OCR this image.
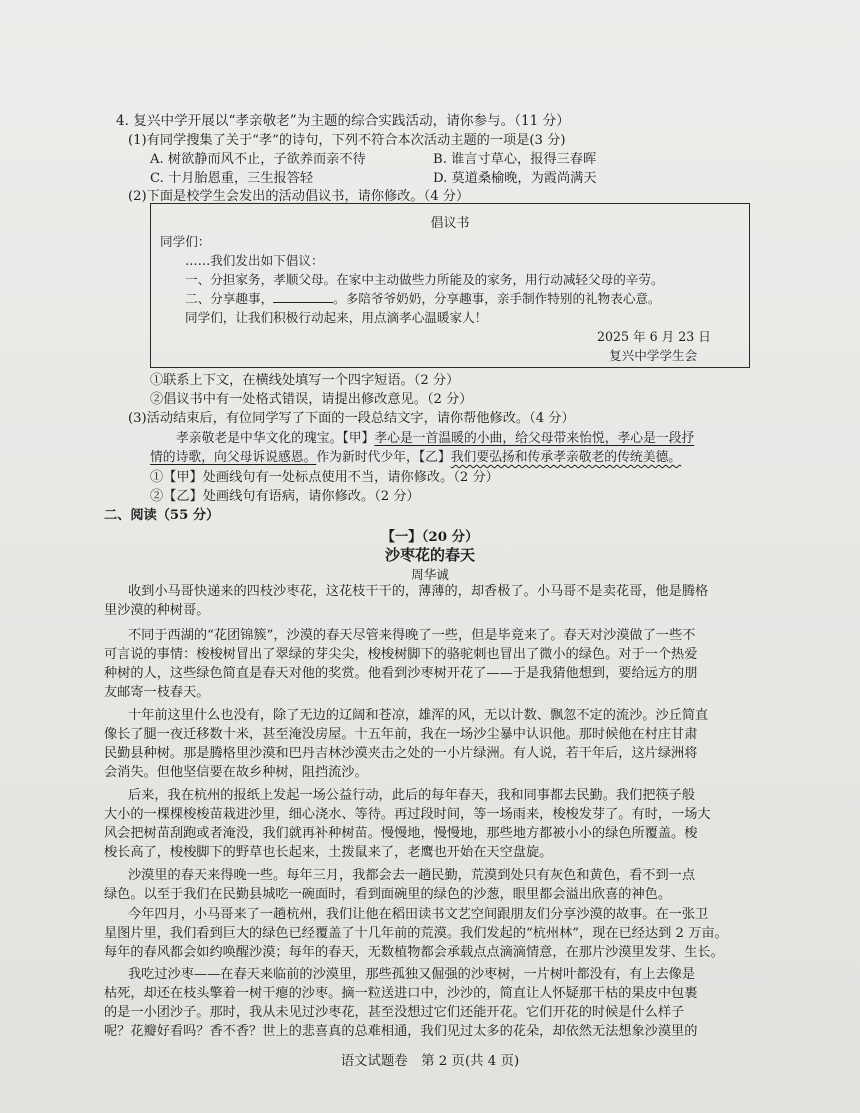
4. 复兴中学开展以“孝亲敬老”为主题的综合实践活动，请你参与。（11 分）
(1)有同学搜集了关于“孝”的诗句，下列不符合本次活动主题的一项是(3 分)
A. 树欲静而风不止，子欲养而亲不待	B. 谁言寸草心，报得三春晖
C. 十月胎恩重，三生报答轻	D. 莫道桑榆晚，为霞尚满天
(2)下面是校学生会发出的活动倡议书，请你修改。（4 分）
倡议书
同学们：
……我们发出如下倡议：
一、分担家务，孝顺父母。在家中主动做些力所能及的家务，用行动减轻父母的辛劳。
二、分享趣事，	。多陪爷爷奶奶，分享趣事，亲手制作特别的礼物表心意。
同学们，让我们积极行动起来，用点滴孝心温暖家人！
2025 年 6 月 23 日
复兴中学学生会
①联系上下文，在横线处填写一个四字短语。（2 分）
②倡议书中有一处格式错误，请提出修改意见。（2 分）
(3)活动结束后，有位同学写了下面的一段总结文字，请你帮他修改。（4 分）
孝亲敬老是中华文化的瑰宝。【甲】孝心是一首温暖的小曲，给父母带来怡悦，孝心是一段抒
情的诗歌，向父母诉说感恩。作为新时代少年，【乙】我们要弘扬和传承孝亲敬老的传统美德。
①【甲】处画线句有一处标点使用不当，请你修改。（2 分）
②【乙】处画线句有语病，请你修改。（2 分）
二、阅读（55 分）
【一】（20 分）
沙枣花的春天
周华诚
收到小马哥快递来的四枝沙枣花，这花枝干干的，薄薄的，却香极了。小马哥不是卖花哥，他是腾格
里沙漠的种树哥。
不同于西湖的“花团锦簇”，沙漠的春天尽管来得晚了一些，但是毕竟来了。春天对沙漠做了一些不
可言说的事情：梭梭树冒出了翠绿的芽尖尖，梭梭树脚下的骆驼刺也冒出了微小的绿色。对于一个热爱
种树的人，这些绿色简直是春天对他的奖赏。他看到沙枣树开花了——于是我猜他想到，要给远方的朋
友邮寄一枝春天。
十年前这里什么也没有，除了无边的辽阔和苍凉，雄浑的风，无以计数、飘忽不定的流沙。沙丘简直
像长了腿一夜迁移数十米，甚至淹没房屋。十五年前，我在一场沙尘暴中认识他。那时候他在村庄甘肃
民勤县种树。那是腾格里沙漠和巴丹吉林沙漠夹击之处的一小片绿洲。有人说，若干年后，这片绿洲将
会消失。但他坚信要在故乡种树，阻挡流沙。
后来，我在杭州的报纸上发起一场公益行动，此后的每年春天，我和同事都去民勤。我们把筷子般
大小的一棵棵梭梭苗栽进沙里，细心浇水、等待。再过段时间，等一场雨来，梭梭发芽了。有时，一场大
风会把树苗刮跑或者淹没，我们就再补种树苗。慢慢地，慢慢地，那些地方都被小小的绿色所覆盖。梭
梭长高了，梭梭脚下的野草也长起来，土拨鼠来了，老鹰也开始在天空盘旋。
沙漠里的春天来得晚一些。每年三月，我都会去一趟民勤，荒漠到处只有灰色和黄色，看不到一点
绿色。以至于我们在民勤县城吃一碗面时，看到面碗里的绿色的沙葱，眼里都会溢出欣喜的神色。
今年四月，小马哥来了一趟杭州，我们让他在稻田读书文艺空间跟朋友们分享沙漠的故事。在一张卫
星图片里，我们看到巨大的绿色已经覆盖了十几年前的荒漠。我们发起的“杭州林”，现在已经达到 2 万亩。
每年的春风都会如约唤醒沙漠；每年的春天，无数植物都会承载点点滴滴情意，在那片沙漠里发芽、生长。
我吃过沙枣——在春天来临前的沙漠里，那些孤独又倔强的沙枣树，一片树叶都没有，有上去像是
枯死，却还在枝头擎着一树干瘪的沙枣。摘一粒送进口中，沙沙的，简直让人怀疑那干枯的果皮中包裹
的是一小团沙子。那时，我从未见过沙枣花，甚至没想过它们还能开花。它们开花的时候是什么样子
呢？花瓣好看吗？香不香？世上的悲喜真的总难相通，我们见过太多的花朵，却依然无法想象沙漠里的
语文试题卷　第 2 页(共 4 页)
